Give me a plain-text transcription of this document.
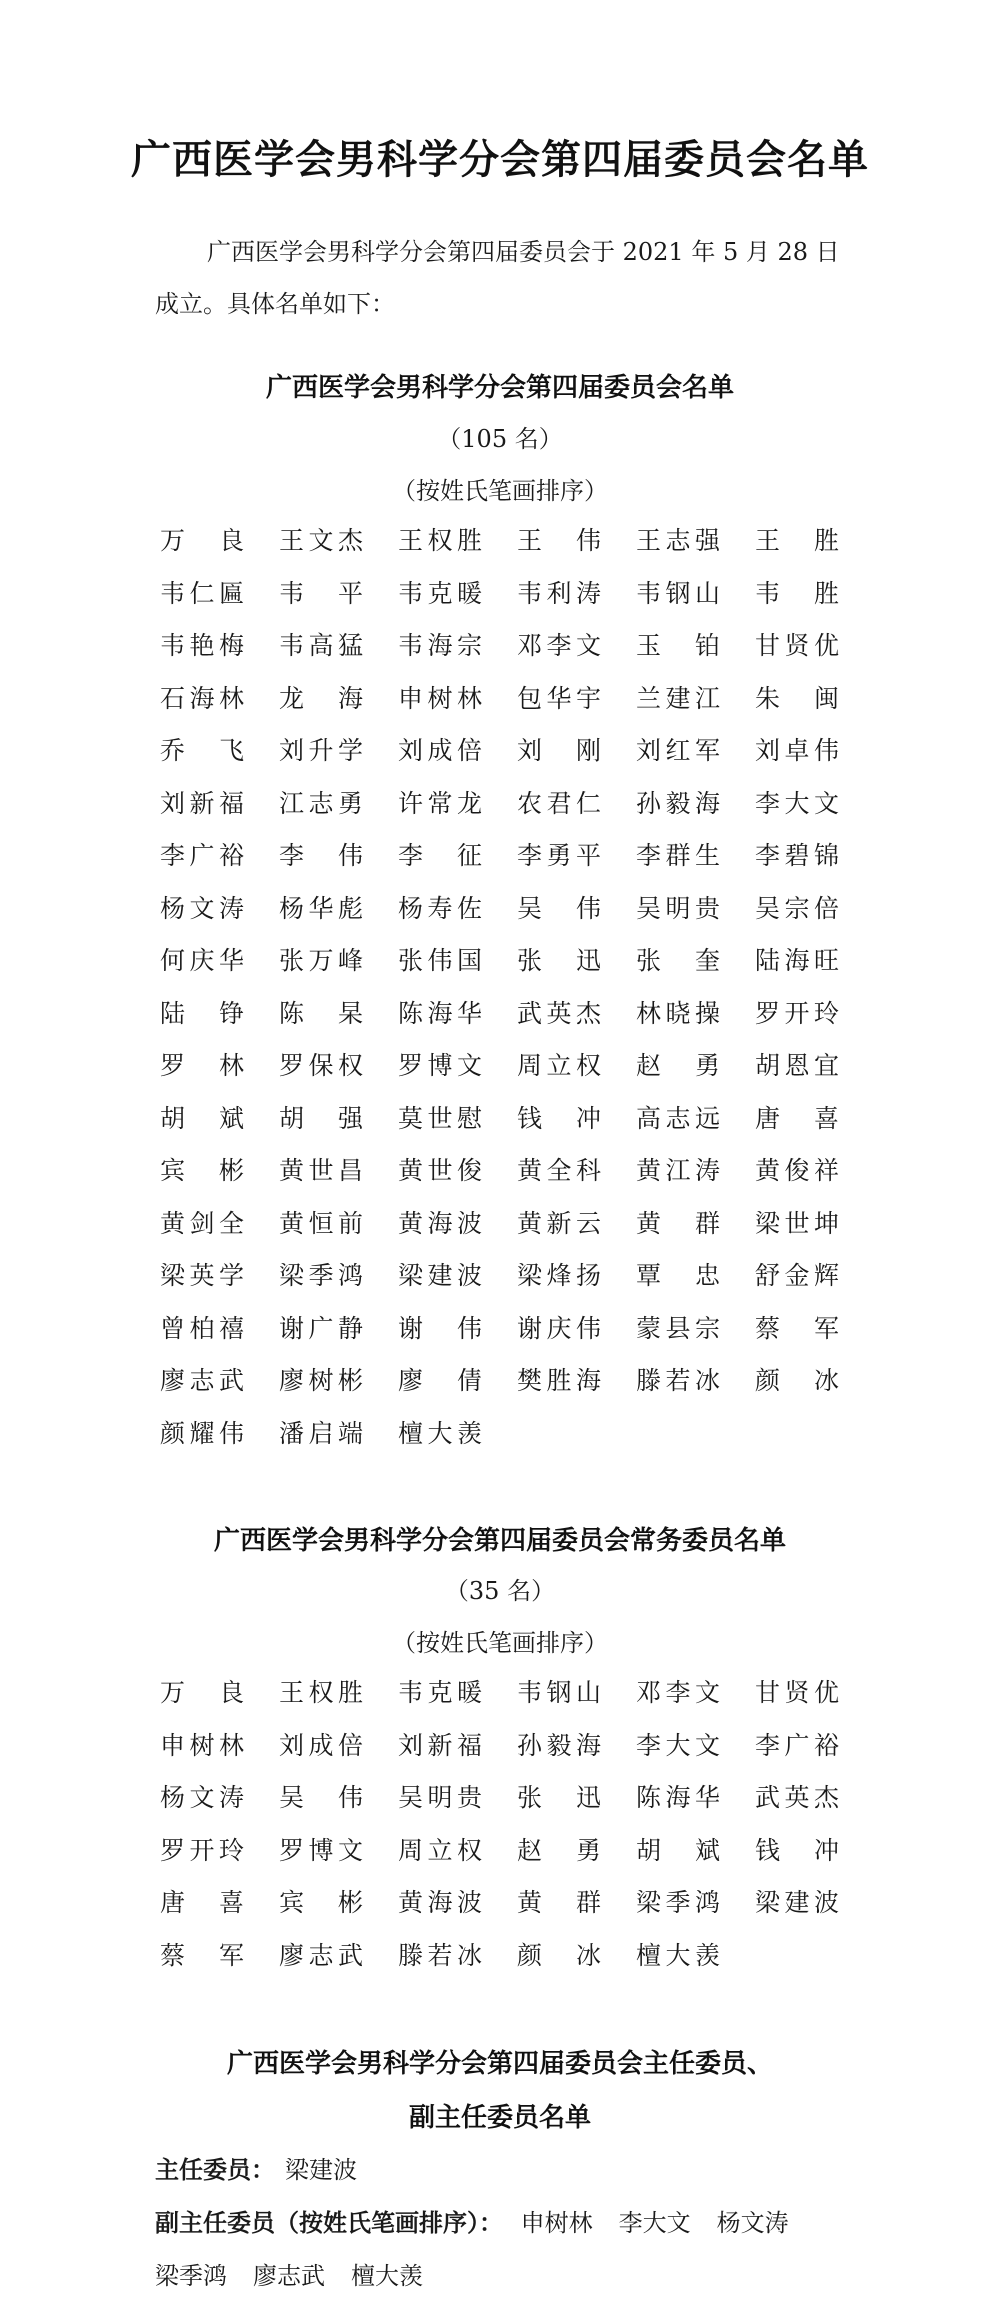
广西医学会男科学分会第四届委员会名单
广西医学会男科学分会第四届委员会于 2021 年 5 月 28 日
成立。具体名单如下：
广西医学会男科学分会第四届委员会名单
（105 名）
（按姓氏笔画排序）
万良 王文杰 王权胜 王伟 王志强 王胜
韦仁匾 韦平 韦克暖 韦利涛 韦钢山 韦胜
韦艳梅 韦高猛 韦海宗 邓李文 玉铂 甘贤优
石海林 龙海 申树林 包华宇 兰建江 朱闽
乔飞 刘升学 刘成倍 刘刚 刘红军 刘卓伟
刘新福 江志勇 许常龙 农君仁 孙毅海 李大文
李广裕 李伟 李征 李勇平 李群生 李碧锦
杨文涛 杨华彪 杨寿佐 吴伟 吴明贵 吴宗倍
何庆华 张万峰 张伟国 张迅 张奎 陆海旺
陆铮 陈杲 陈海华 武英杰 林晓操 罗开玲
罗林 罗保权 罗博文 周立权 赵勇 胡恩宜
胡斌 胡强 莫世慰 钱冲 高志远 唐喜
宾彬 黄世昌 黄世俊 黄全科 黄江涛 黄俊祥
黄剑全 黄恒前 黄海波 黄新云 黄群 梁世坤
梁英学 梁季鸿 梁建波 梁烽扬 覃忠 舒金辉
曾柏禧 谢广静 谢伟 谢庆伟 蒙县宗 蔡军
廖志武 廖树彬 廖倩 樊胜海 滕若冰 颜冰
颜耀伟 潘启端 檀大羡
广西医学会男科学分会第四届委员会常务委员名单
（35 名）
（按姓氏笔画排序）
万良 王权胜 韦克暖 韦钢山 邓李文 甘贤优
申树林 刘成倍 刘新福 孙毅海 李大文 李广裕
杨文涛 吴伟 吴明贵 张迅 陈海华 武英杰
罗开玲 罗博文 周立权 赵勇 胡斌 钱冲
唐喜 宾彬 黄海波 黄群 梁季鸿 梁建波
蔡军 廖志武 滕若冰 颜冰 檀大羡
广西医学会男科学分会第四届委员会主任委员、
副主任委员名单
主任委员： 梁建波
副主任委员（按姓氏笔画排序）： 申树林 李大文 杨文涛
梁季鸿 廖志武 檀大羡
